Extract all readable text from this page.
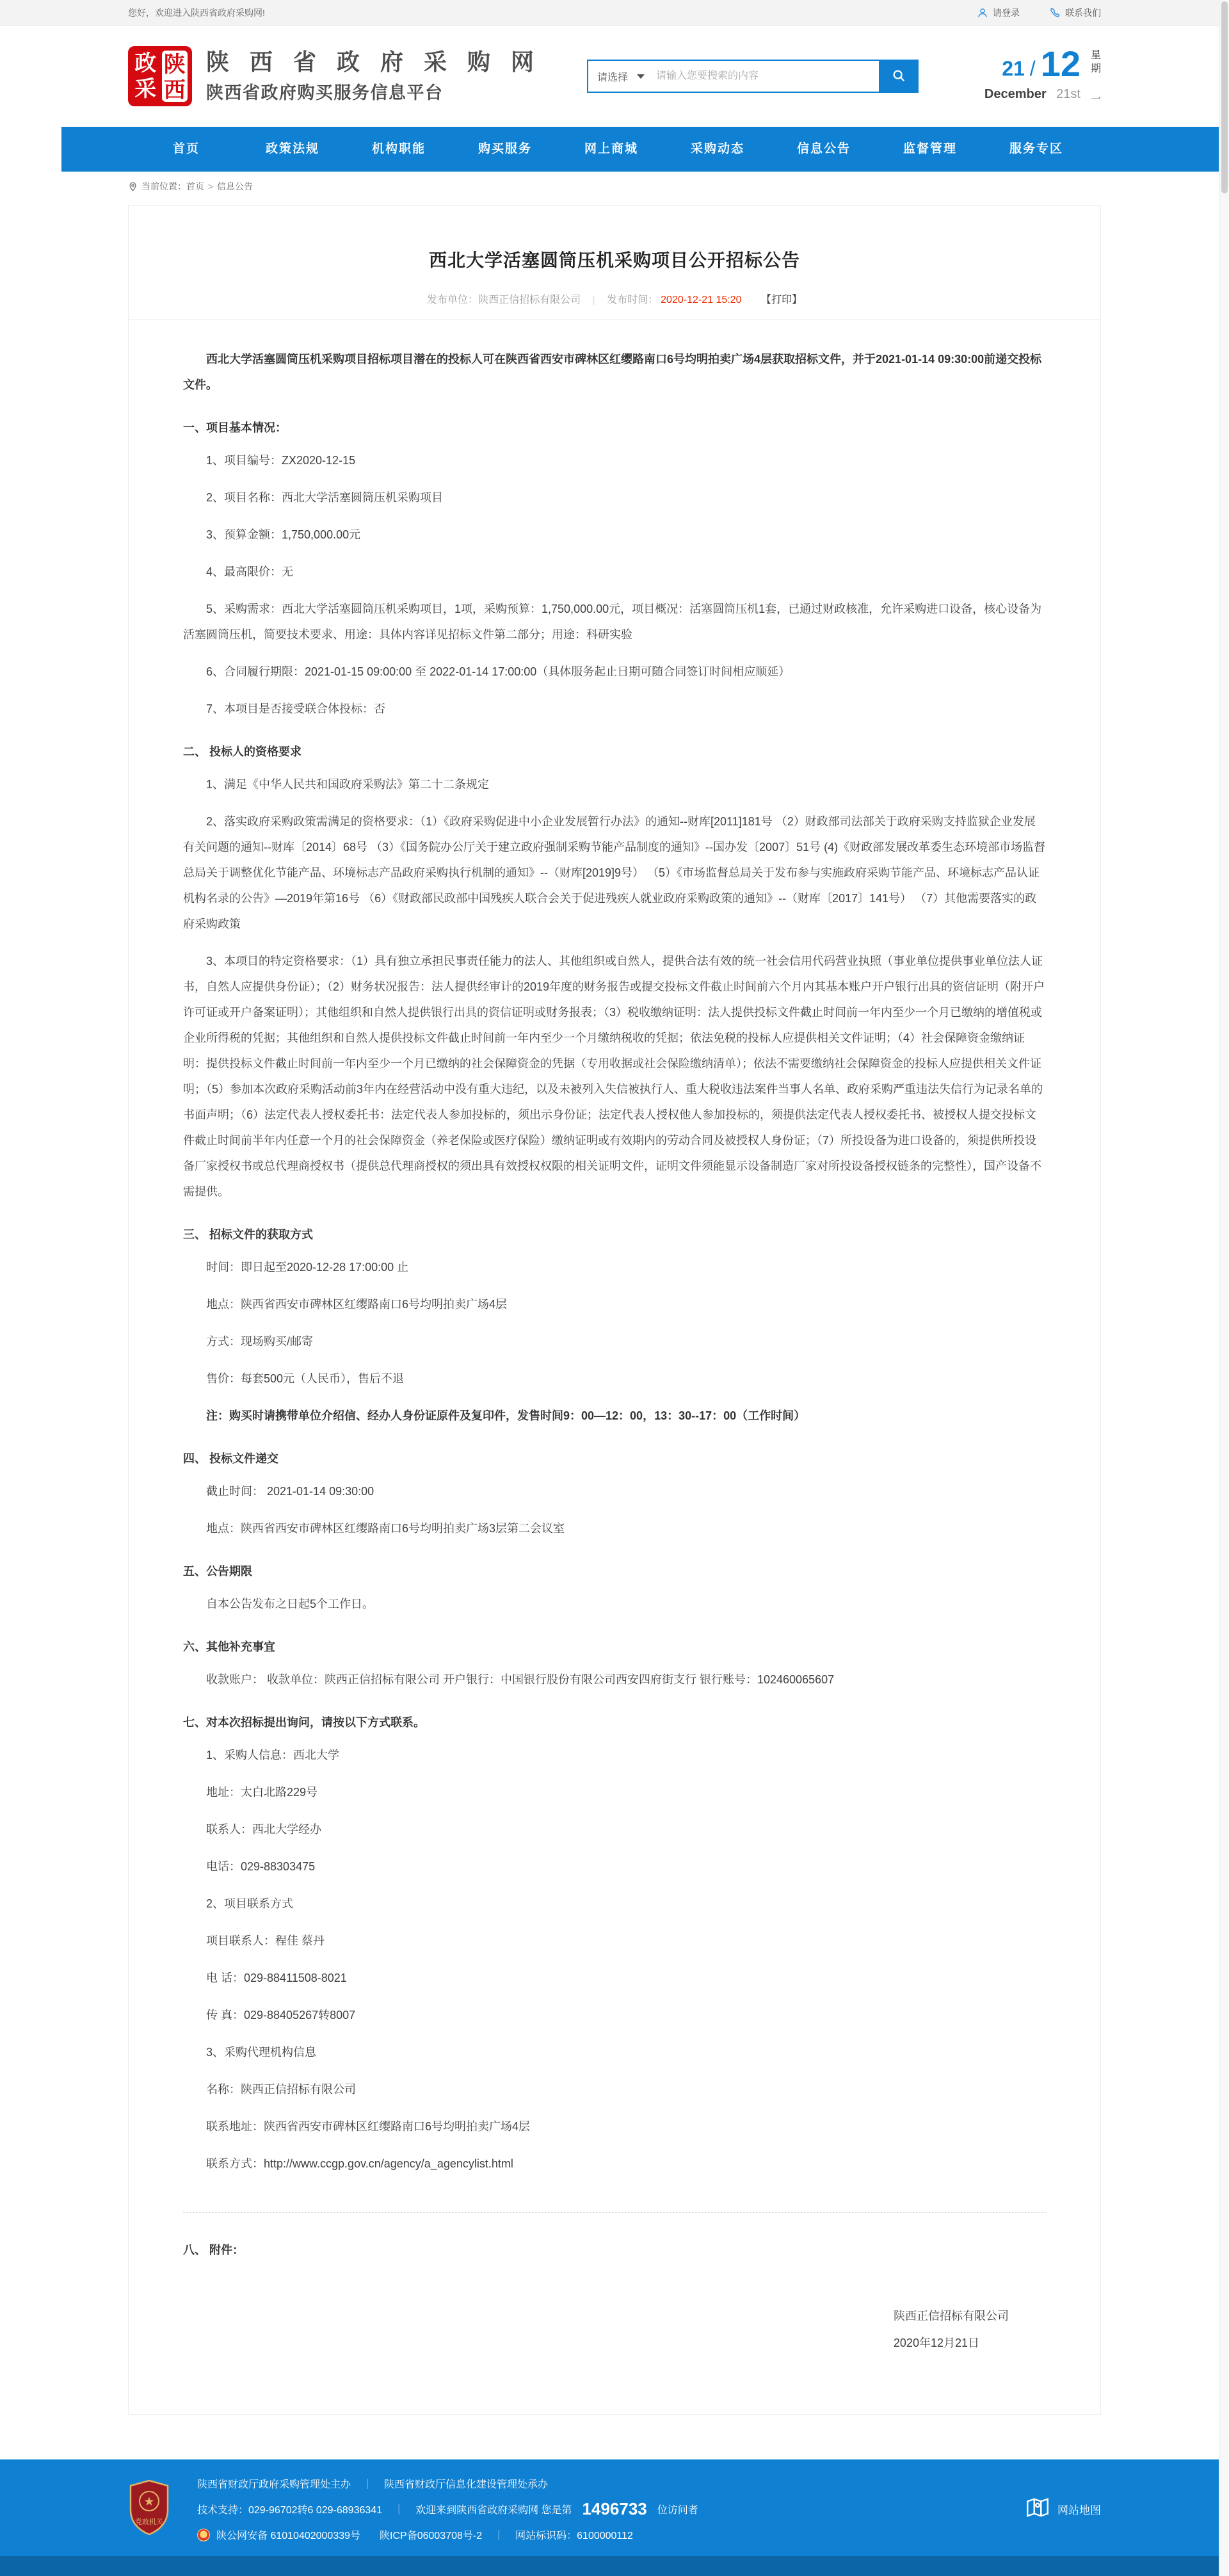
您好，欢迎进入陕西省政府采购网!	请登录	联系我们
政
采
陕
西
陕 西 省 政 府 采 购 网
陕西省政府购买服务信息平台
请选择
请输入您要搜索的内容	21 / 12
December 21st
星
期
一
首页	政策法规	机构职能	购买服务	网上商城	采购动态	信息公告	监督管理	服务专区
当前位置：首页 > 信息公告
西北大学活塞圆筒压机采购项目公开招标公告
发布单位：陕西正信招标有限公司 | 发布时间： 2020-12-21 15:20 【打印】

西北大学活塞圆筒压机采购项目招标项目潜在的投标人可在陕西省西安市碑林区红缨路南口6号均明拍卖广场4层获取招标文件，并于2021-01-14 09:30:00前递交投标文件。

一、项目基本情况：

1、项目编号：ZX2020-12-15

2、项目名称：西北大学活塞圆筒压机采购项目

3、预算金额：1,750,000.00元

4、最高限价：无

5、采购需求：西北大学活塞圆筒压机采购项目，1项，采购预算：1,750,000.00元，项目概况：活塞圆筒压机1套，已通过财政核准，允许采购进口设备，核心设备为活塞圆筒压机，简要技术要求、用途：具体内容详见招标文件第二部分；用途：科研实验

6、合同履行期限：2021-01-15 09:00:00 至 2022-01-14 17:00:00（具体服务起止日期可随合同签订时间相应顺延）

7、本项目是否接受联合体投标：否

二、 投标人的资格要求

1、满足《中华人民共和国政府采购法》第二十二条规定

2、落实政府采购政策需满足的资格要求：（1）《政府采购促进中小企业发展暂行办法》的通知--财库[2011]181号 （2）财政部司法部关于政府采购支持监狱企业发展有关问题的通知--财库〔2014〕68号 （3）《国务院办公厅关于建立政府强制采购节能产品制度的通知》--国办发〔2007〕51号 (4)《财政部发展改革委生态环境部市场监督总局关于调整优化节能产品、环境标志产品政府采购执行机制的通知》--（财库[2019]9号） （5）《市场监督总局关于发布参与实施政府采购节能产品、环境标志产品认证机构名录的公告》—2019年第16号 （6）《财政部民政部中国残疾人联合会关于促进残疾人就业政府采购政策的通知》--（财库〔2017〕141号） （7）其他需要落实的政府采购政策

3、本项目的特定资格要求：（1）具有独立承担民事责任能力的法人、其他组织或自然人，提供合法有效的统一社会信用代码营业执照（事业单位提供事业单位法人证书，自然人应提供身份证）；（2）财务状况报告：法人提供经审计的2019年度的财务报告或提交投标文件截止时间前六个月内其基本账户开户银行出具的资信证明（附开户许可证或开户备案证明）；其他组织和自然人提供银行出具的资信证明或财务报表；（3）税收缴纳证明：法人提供投标文件截止时间前一年内至少一个月已缴纳的增值税或企业所得税的凭据；其他组织和自然人提供投标文件截止时间前一年内至少一个月缴纳税收的凭据；依法免税的投标人应提供相关文件证明；（4）社会保障资金缴纳证明：提供投标文件截止时间前一年内至少一个月已缴纳的社会保障资金的凭据（专用收据或社会保险缴纳清单）；依法不需要缴纳社会保障资金的投标人应提供相关文件证明；（5）参加本次政府采购活动前3年内在经营活动中没有重大违纪，以及未被列入失信被执行人、重大税收违法案件当事人名单、政府采购严重违法失信行为记录名单的书面声明；（6）法定代表人授权委托书：法定代表人参加投标的，须出示身份证；法定代表人授权他人参加投标的，须提供法定代表人授权委托书、被授权人提交投标文件截止时间前半年内任意一个月的社会保障资金（养老保险或医疗保险）缴纳证明或有效期内的劳动合同及被授权人身份证；（7）所投设备为进口设备的，须提供所投设备厂家授权书或总代理商授权书（提供总代理商授权的须出具有效授权权限的相关证明文件，证明文件须能显示设备制造厂家对所投设备授权链条的完整性），国产设备不需提供。

三、 招标文件的获取方式

时间：即日起至2020-12-28 17:00:00 止

地点：陕西省西安市碑林区红缨路南口6号均明拍卖广场4层

方式：现场购买/邮寄

售价：每套500元（人民币），售后不退

注：购买时请携带单位介绍信、经办人身份证原件及复印件，发售时间9：00—12：00，13：30--17：00（工作时间）

四、 投标文件递交

截止时间： 2021-01-14 09:30:00

地点：陕西省西安市碑林区红缨路南口6号均明拍卖广场3层第二会议室

五、公告期限

自本公告发布之日起5个工作日。

六、其他补充事宜

收款账户： 收款单位：陕西正信招标有限公司 开户银行：中国银行股份有限公司西安四府街支行 银行账号：102460065607

七、对本次招标提出询问，请按以下方式联系。

1、采购人信息：西北大学

地址：太白北路229号

联系人：西北大学经办

电话：029-88303475

2、项目联系方式

项目联系人：程佳 蔡丹

电 话：029-88411508-8021

传 真：029-88405267转8007

3、采购代理机构信息

名称：陕西正信招标有限公司

联系地址：陕西省西安市碑林区红缨路南口6号均明拍卖广场4层

联系方式：http://www.ccgp.gov.cn/agency/a_agencylist.html

八、 附件：
陕西正信招标有限公司
2020年12月21日
★
党政机关
陕西省财政厅政府采购管理处主办 ｜ 陕西省财政厅信息化建设管理处承办
技术支持：029-96702转6 029-68936341 ｜ 欢迎来到陕西省政府采购网 您是第 1496733 位访问者
陕公网安备 61010402000339号 陕ICP备06003708号-2 ｜ 网站标识码：6100000112
网站地图
